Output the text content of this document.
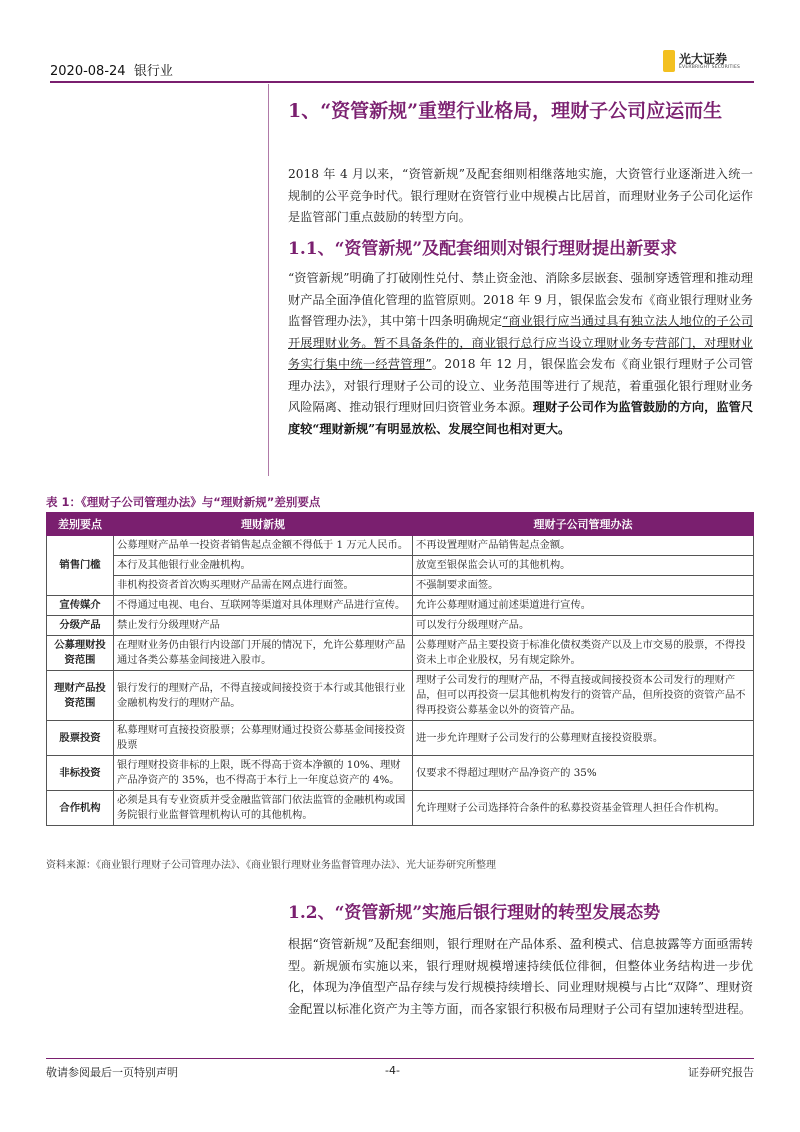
2020-08-24 银行业
光大证券
EVERBRIGHT SECURITIES
1、“资管新规”重塑行业格局，理财子公司应运而生
2018 年 4 月以来，“资管新规”及配套细则相继落地实施，大资管行业逐渐进入统一规制的公平竞争时代。银行理财在资管行业中规模占比居首，而理财业务子公司化运作是监管部门重点鼓励的转型方向。
1.1、“资管新规”及配套细则对银行理财提出新要求
“资管新规”明确了打破刚性兑付、禁止资金池、消除多层嵌套、强制穿透管理和推动理财产品全面净值化管理的监管原则。2018 年 9 月，银保监会发布《商业银行理财业务监督管理办法》，其中第十四条明确规定“商业银行应当通过具有独立法人地位的子公司开展理财业务。暂不具备条件的，商业银行总行应当设立理财业务专营部门，对理财业务实行集中统一经营管理”。2018 年 12 月，银保监会发布《商业银行理财子公司管理办法》，对银行理财子公司的设立、业务范围等进行了规范，着重强化银行理财业务风险隔离、推动银行理财回归资管业务本源。理财子公司作为监管鼓励的方向，监管尺度较“理财新规”有明显放松、发展空间也相对更大。
表 1：《理财子公司管理办法》与“理财新规”差别要点
差别要点	理财新规	理财子公司管理办法
销售门槛	公募理财产品单一投资者销售起点金额不得低于 1 万元人民币。	不再设置理财产品销售起点金额。
	本行及其他银行业金融机构。	放宽至银保监会认可的其他机构。
	非机构投资者首次购买理财产品需在网点进行面签。	不强制要求面签。
宣传媒介	不得通过电视、电台、互联网等渠道对具体理财产品进行宣传。	允许公募理财通过前述渠道进行宣传。
分级产品	禁止发行分级理财产品	可以发行分级理财产品。
公募理财投资范围	在理财业务仍由银行内设部门开展的情况下，允许公募理财产品通过各类公募基金间接进入股市。	公募理财产品主要投资于标准化债权类资产以及上市交易的股票，不得投资未上市企业股权，另有规定除外。
理财产品投资范围	银行发行的理财产品，不得直接或间接投资于本行或其他银行业金融机构发行的理财产品。	理财子公司发行的理财产品，不得直接或间接投资本公司发行的理财产品，但可以再投资一层其他机构发行的资管产品，但所投资的资管产品不得再投资公募基金以外的资管产品。
股票投资	私募理财可直接投资股票；公募理财通过投资公募基金间接投资股票	进一步允许理财子公司发行的公募理财直接投资股票。
非标投资	银行理财投资非标的上限，既不得高于资本净额的 10%、理财产品净资产的 35%，也不得高于本行上一年度总资产的 4%。	仅要求不得超过理财产品净资产的 35%
合作机构	必须是具有专业资质并受金融监管部门依法监管的金融机构或国务院银行业监督管理机构认可的其他机构。	允许理财子公司选择符合条件的私募投资基金管理人担任合作机构。
资料来源：《商业银行理财子公司管理办法》、《商业银行理财业务监督管理办法》、光大证券研究所整理
1.2、“资管新规”实施后银行理财的转型发展态势
根据“资管新规”及配套细则，银行理财在产品体系、盈利模式、信息披露等方面亟需转型。新规颁布实施以来，银行理财规模增速持续低位徘徊，但整体业务结构进一步优化，体现为净值型产品存续与发行规模持续增长、同业理财规模与占比“双降”、理财资金配置以标准化资产为主等方面，而各家银行积极布局理财子公司有望加速转型进程。
敬请参阅最后一页特别声明	-4-	证券研究报告
